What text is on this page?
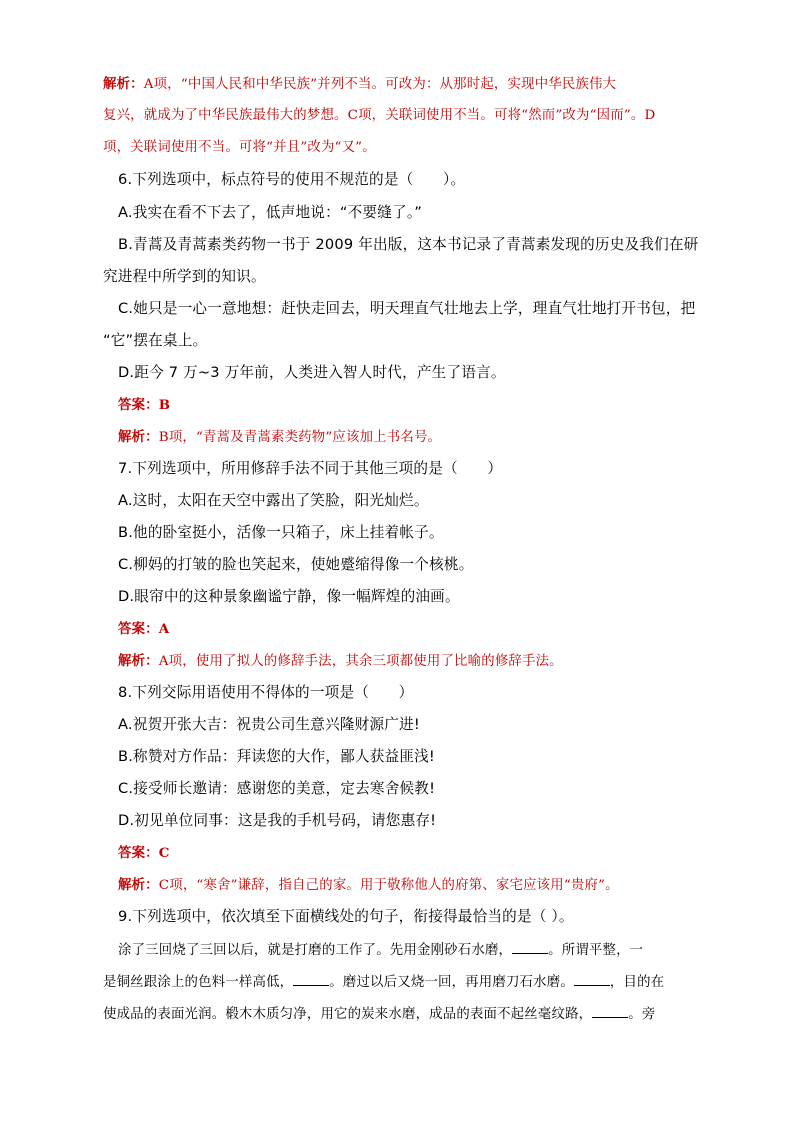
解析：A项，“中国人民和中华民族”并列不当。可改为：从那时起，实现中华民族伟大
复兴，就成为了中华民族最伟大的梦想。C项，关联词使用不当。可将“然而”改为“因而”。D
项，关联词使用不当。可将“并且”改为“又”。
6.下列选项中，标点符号的使用不规范的是（　　）。
A.我实在看不下去了，低声地说：“不要缝了。”
B.青蒿及青蒿素类药物一书于 2009 年出版，这本书记录了青蒿素发现的历史及我们在研
究进程中所学到的知识。
C.她只是一心一意地想：赶快走回去，明天理直气壮地去上学，理直气壮地打开书包，把
“它”摆在桌上。
D.距今 7 万~3 万年前，人类进入智人时代，产生了语言。
答案：B
解析：B项，“青蒿及青蒿素类药物”应该加上书名号。
7.下列选项中，所用修辞手法不同于其他三项的是（　　）
A.这时，太阳在天空中露出了笑脸，阳光灿烂。
B.他的卧室挺小，活像一只箱子，床上挂着帐子。
C.柳妈的打皱的脸也笑起来，使她蹙缩得像一个核桃。
D.眼帘中的这种景象幽谧宁静，像一幅辉煌的油画。
答案：A
解析：A项，使用了拟人的修辞手法，其余三项都使用了比喻的修辞手法。
8.下列交际用语使用不得体的一项是（　　）
A.祝贺开张大吉：祝贵公司生意兴隆财源广进!
B.称赞对方作品：拜读您的大作，鄙人获益匪浅!
C.接受师长邀请：感谢您的美意，定去寒舍候教!
D.初见单位同事：这是我的手机号码，请您惠存!
答案：C
解析：C项，“寒舍”谦辞，指自己的家。用于敬称他人的府第、家宅应该用“贵府”。
9.下列选项中，依次填至下面横线处的句子，衔接得最恰当的是（ ）。
涂了三回烧了三回以后，就是打磨的工作了。先用金刚砂石水磨，	。所谓平整，一
是铜丝跟涂上的色料一样高低，	。磨过以后又烧一回，再用磨刀石水磨。	，目的在
使成品的表面光润。椴木木质匀净，用它的炭来水磨，成品的表面不起丝毫纹路，	。旁
